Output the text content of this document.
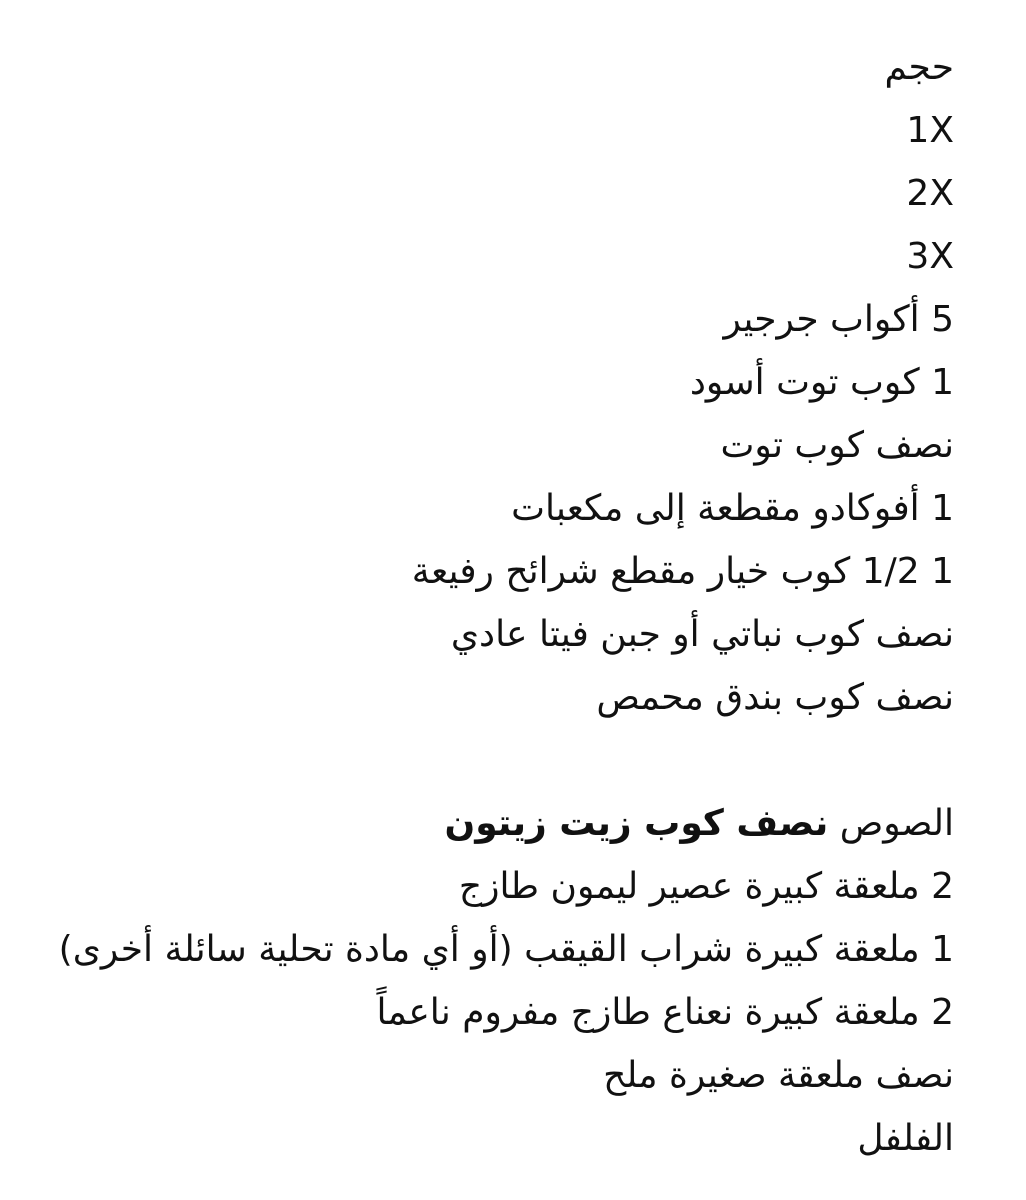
حجم
1X
2X
3X
5 أكواب جرجير
1 كوب توت أسود
نصف كوب توت
1 أفوكادو مقطعة إلى مكعبات
1 1/2 كوب خيار مقطع شرائح رفيعة
نصف كوب نباتي أو جبن فيتا عادي
نصف كوب بندق محمص
الصوص نصف كوب زيت زيتون
2 ملعقة كبيرة عصير ليمون طازج
1 ملعقة كبيرة شراب القيقب (أو أي مادة تحلية سائلة أخرى)
2 ملعقة كبيرة نعناع طازج مفروم ناعماً
نصف ملعقة صغيرة ملح
الفلفل
